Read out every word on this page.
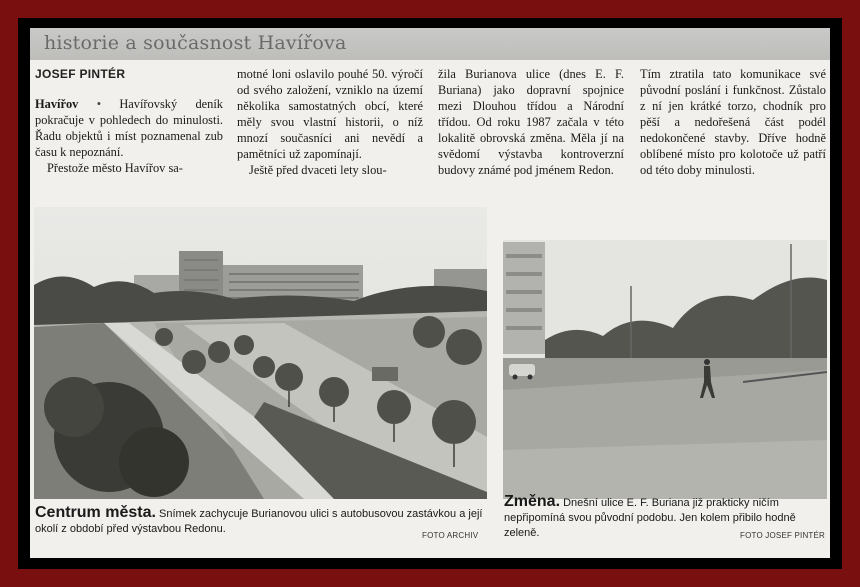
historie a současnost Havířova
JOSEF PINTÉR

Havířov • Havířovský deník pokračuje v pohledech do minulosti. Řadu objektů i míst poznamenal zub času k nepoznání.

Přestože město Havířov sa-

motné loni oslavilo pouhé 50. výročí od svého založení, vzniklo na území několika samostatných obcí, které měly svou vlastní historii, o níž mnozí současníci ani nevědí a pamětníci už zapomínají.

Ještě před dvaceti lety slou-

žila Burianova ulice (dnes E. F. Buriana) jako dopravní spojnice mezi Dlouhou třídou a Národní třídou. Od roku 1987 začala v této lokalitě obrovská změna. Měla jí na svědomí výstavba kontroverzní budovy známé pod jménem Redon.

Tím ztratila tato komunikace své původní poslání i funkčnost. Zůstalo z ní jen krátké torzo, chodník pro pěší a nedořešená část podél nedokončené stavby. Dříve hodně oblíbené místo pro kolotoče už patří od této doby minulosti.

Centrum města. Snímek zachycuje Burianovou ulici s autobusovou zastávkou a její okolí z období před výstavbou Redonu.
FOTO ARCHIV
Změna. Dnešní ulice E. F. Buriana již prakticky ničím nepřipomíná svou původní podobu. Jen kolem přibilo hodně zeleně.	FOTO JOSEF PINTÉR
